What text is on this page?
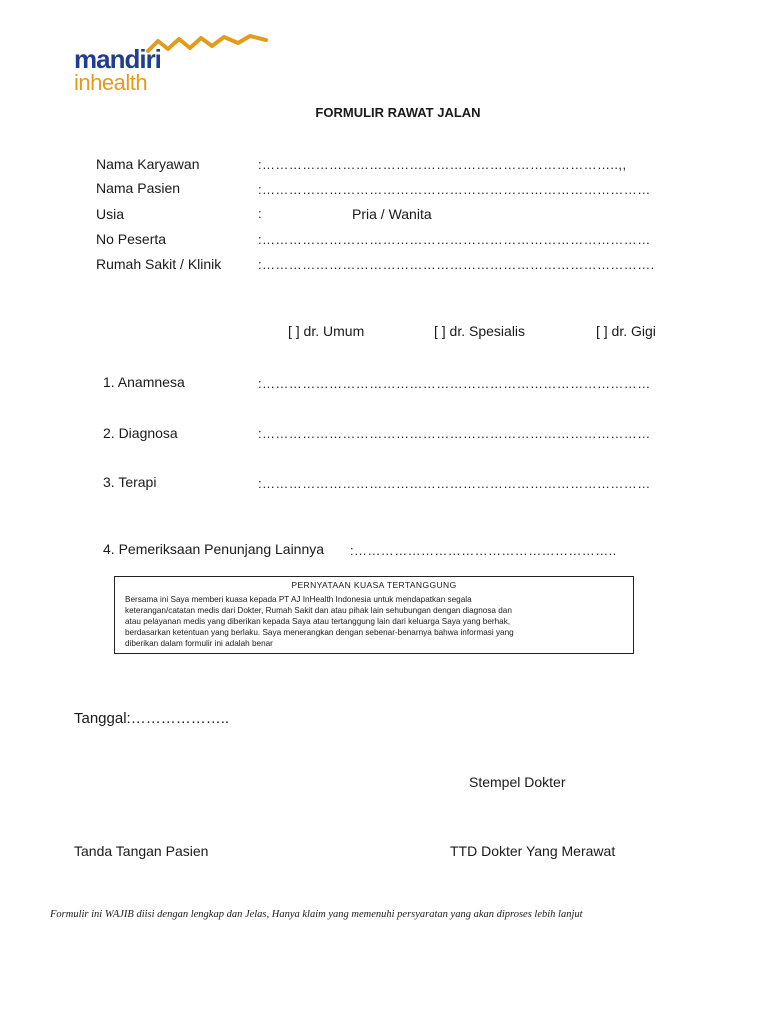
mandiri
inhealth
FORMULIR RAWAT JALAN
Nama Karyawan	:……………………………………………………………………..,,
Nama Pasien	:……………………………………………………………………………
Usia	:	Pria / Wanita
No Peserta	:……………………………………………………………………………
Rumah Sakit / Klinik	:…………………………………………………………………………….
[ ] dr. Umum	[ ] dr. Spesialis	[ ] dr. Gigi
1. Anamnesa	:……………………………………………………………………………
2. Diagnosa	:……………………………………………………………………………
3. Terapi	:……………………………………………………………………………
4. Pemeriksaan Penunjang Lainnya :…………………………………………………..
PERNYATAAN KUASA TERTANGGUNG
Bersama ini Saya memberi kuasa kepada PT AJ InHealth Indonesia untuk mendapatkan segala
keterangan/catatan medis dari Dokter, Rumah Sakit dan atau pihak lain sehubungan dengan diagnosa dan
atau pelayanan medis yang diberikan kepada Saya atau tertanggung lain dari keluarga Saya yang berhak,
berdasarkan ketentuan yang berlaku. Saya menerangkan dengan sebenar-benarnya bahwa informasi yang
diberikan dalam formulir ini adalah benar
Tanggal:………………..
Stempel Dokter
Tanda Tangan Pasien	TTD Dokter Yang Merawat
Formulir ini WAJIB diisi dengan lengkap dan Jelas, Hanya klaim yang memenuhi persyaratan yang akan diproses lebih lanjut
